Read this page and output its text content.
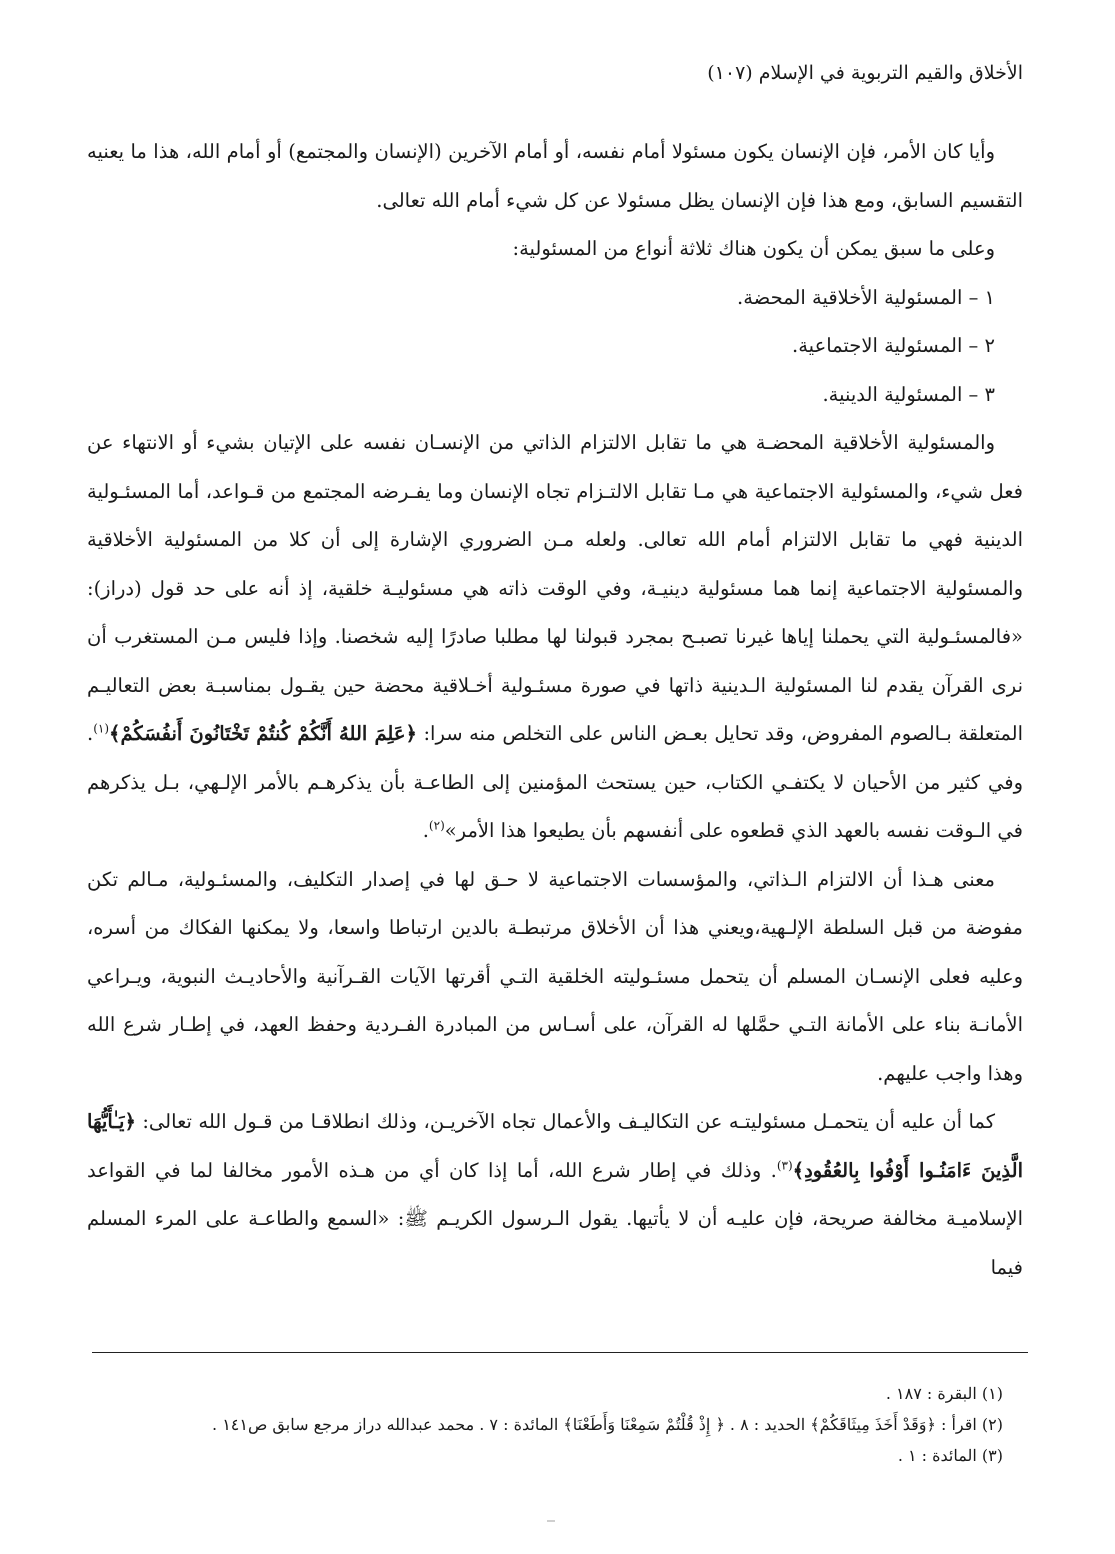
الأخلاق والقيم التربوية في الإسلام (١٠٧)

وأيا كان الأمر، فإن الإنسان يكون مسئولا أمام نفسه، أو أمام الآخرين (الإنسان والمجتمع) أو أمام الله، هذا ما يعنيه التقسيم السابق، ومع هذا فإن الإنسان يظل مسئولا عن كل شيء أمام الله تعالى.

وعلى ما سبق يمكن أن يكون هناك ثلاثة أنواع من المسئولية:

١ – المسئولية الأخلاقية المحضة.

٢ – المسئولية الاجتماعية.

٣ – المسئولية الدينية.

والمسئولية الأخلاقية المحضـة هي ما تقابل الالتزام الذاتي من الإنسـان نفسه على الإتيان بشيء أو الانتهاء عن فعل شيء، والمسئولية الاجتماعية هي مـا تقابل الالتـزام تجاه الإنسان وما يفـرضه المجتمع من قـواعد، أما المسئـولية الدينية فهي ما تقابل الالتزام أمام الله تعالى. ولعله مـن الضروري الإشارة إلى أن كلا من المسئولية الأخلاقية والمسئولية الاجتماعية إنما هما مسئولية دينيـة، وفي الوقت ذاته هي مسئوليـة خلقية، إذ أنه على حد قول (دراز): «فالمسئـولية التي يحملنا إياها غيرنا تصبـح بمجرد قبولنا لها مطلبا صادرًا إليه شخصنا. وإذا فليس مـن المستغرب أن نرى القرآن يقدم لنا المسئولية الـدينية ذاتها في صورة مسئـولية أخـلاقية محضة حين يقـول بمناسبـة بعض التعاليـم المتعلقة بـالصوم المفروض، وقد تحايل بعـض الناس على التخلص منه سرا: ﴿عَلِمَ اللهُ أَنَّكُمْ كُنتُمْ تَخْتَانُونَ أَنفُسَكُمْ﴾$^{(١)}$. وفي كثير من الأحيان لا يكتفـي الكتاب، حين يستحث المؤمنين إلى الطاعـة بأن يذكرهـم بالأمر الإلـهي، بـل يذكرهم في الـوقت نفسه بالعهد الذي قطعوه على أنفسهم بأن يطيعوا هذا الأمر»$^{(٢)}$.

معنى هـذا أن الالتزام الـذاتي، والمؤسسات الاجتماعية لا حـق لها في إصدار التكليف، والمسئـولية، مـالم تكن مفوضة من قبل السلطة الإلـهية،ويعني هذا أن الأخلاق مرتبطـة بالدين ارتباطا واسعا، ولا يمكنها الفكاك من أسره، وعليه فعلى الإنسـان المسلم أن يتحمل مسئـوليته الخلقية التـي أقرتها الآيات القـرآنية والأحاديـث النبوية، ويـراعي الأمانـة بناء على الأمانة التـي حمَّلها له القرآن، على أسـاس من المبادرة الفـردية وحفظ العهد، في إطـار شرع الله وهذا واجب عليهم.

كما أن عليه أن يتحمـل مسئوليتـه عن التكاليـف والأعمال تجاه الآخريـن، وذلك انطلاقـا من قـول الله تعالى: ﴿يَـٰأَيُّهَا الَّذِينَ ءَامَنُـوا أَوْفُوا بِالعُقُودِ﴾$^{(٣)}$. وذلك في إطار شرع الله، أما إذا كان أي من هـذه الأمور مخالفا لما في القواعد الإسلاميـة مخالفة صريحة، فإن عليـه أن لا يأتيها. يقول الـرسول الكريـم ﷺ: «السمع والطاعـة على المرء المسلم فيما

(١) البقرة : ١٨٧ .

(٢) اقرأ : ﴿وَقَدْ أَخَذَ مِيثَاقَكُمْ﴾ الحديد : ٨ . ﴿ إِذْ قُلْتُمْ سَمِعْنَا وَأَطَعْنَا﴾ المائدة : ٧ . محمد عبدالله دراز مرجع سابق ص١٤١ .

(٣) المائدة : ١ .
